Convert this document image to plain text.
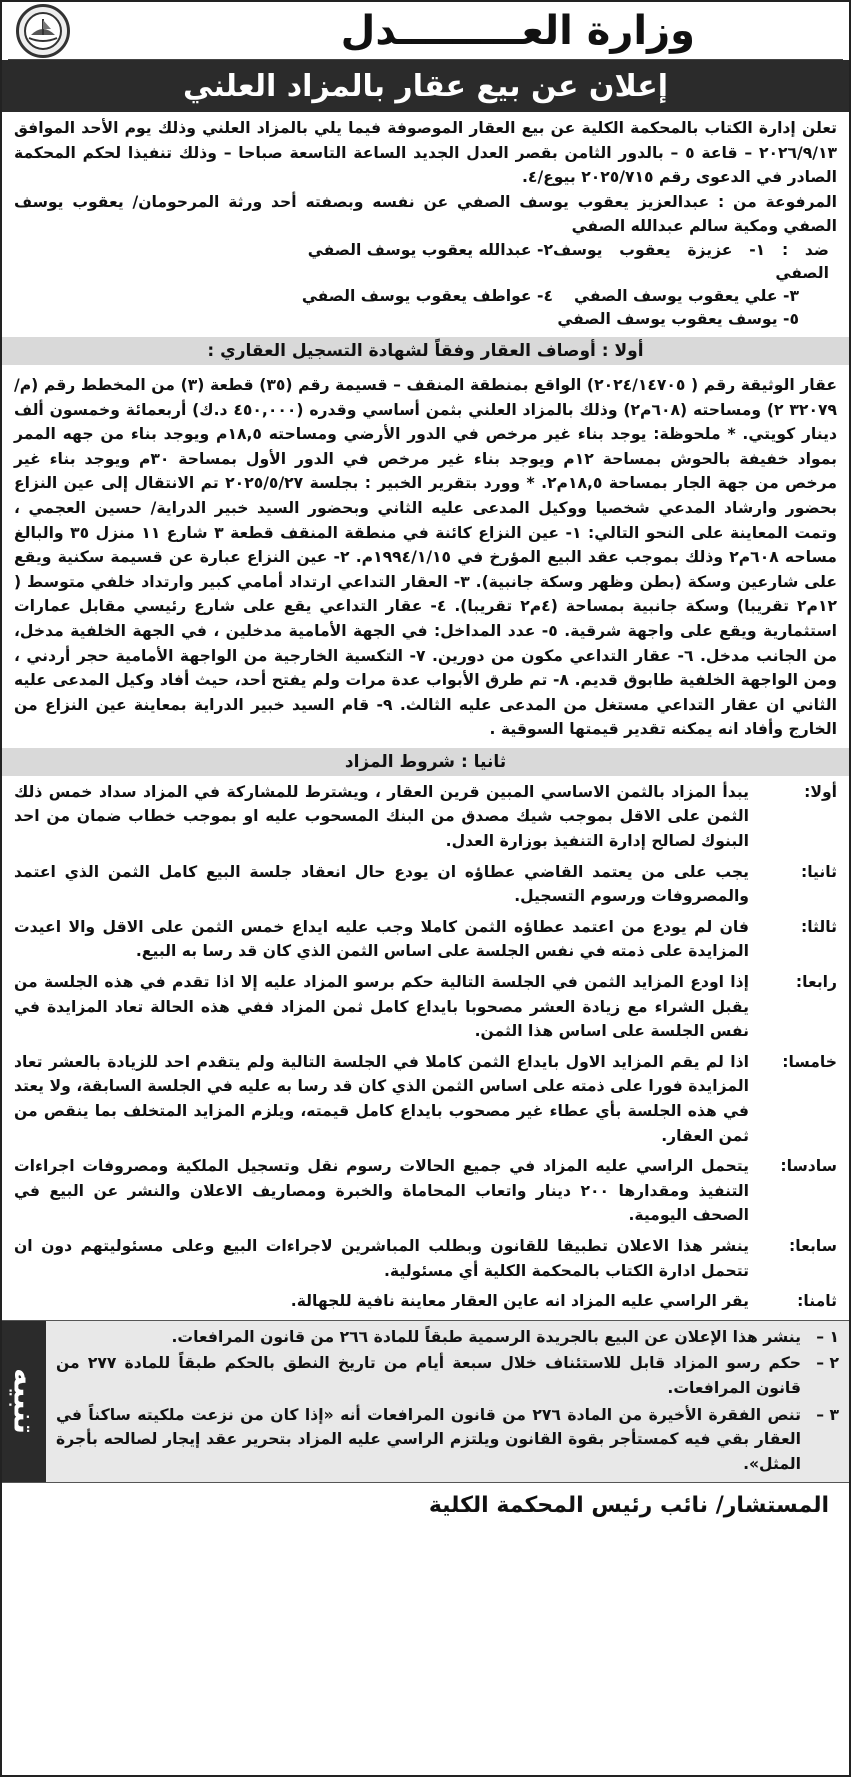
وزارة العـــــــــدل
إعلان عن بيع عقار بالمزاد العلني

تعلن إدارة الكتاب بالمحكمة الكلية عن بيع العقار الموصوفة فيما يلي بالمزاد العلني وذلك يوم الأحد الموافق ٢٠٢٦/٩/١٣ – قاعة ٥ – بالدور الثامن بقصر العدل الجديد الساعة التاسعة صباحا – وذلك تنفيذا لحكم المحكمة الصادر في الدعوى رقم ٢٠٢٥/٧١٥ بيوع/٤.

المرفوعة من : عبدالعزيز يعقوب يوسف الصفي عن نفسه وبصفته أحد ورثة المرحومان/ يعقوب يوسف الصفي ومكية سالم عبدالله الصفي

ضد : ١- عزيزة يعقوب يوسف الصفي
٢- عبدالله يعقوب يوسف الصفي
٣- علي يعقوب يوسف الصفي
٤- عواطف يعقوب يوسف الصفي
٥- يوسف يعقوب يوسف الصفي
أولا : أوصاف العقار وفقاً لشهادة التسجيل العقاري :

عقار الوثيقة رقم ( ٢٠٢٤/١٤٧٠٥) الواقع بمنطقة المنقف – قسيمة رقم (٣٥) قطعة (٣) من المخطط رقم (م/ ٣٢٠٧٩ ٢) ومساحته (٦٠٨م٢) وذلك بالمزاد العلني بثمن أساسي وقدره (٤٥٠,٠٠٠ د.ك) أربعمائة وخمسون ألف دينار كويتي. * ملحوظة: يوجد بناء غير مرخص في الدور الأرضي ومساحته ١٨,٥م ويوجد بناء من جهه الممر بمواد خفيفة بالحوش بمساحة ١٢م ويوجد بناء غير مرخص في الدور الأول بمساحة ٣٠م ويوجد بناء غير مرخص من جهة الجار بمساحة ١٨,٥م٢. * وورد بتقرير الخبير : بجلسة ٢٠٢٥/٥/٢٧ تم الانتقال إلى عين النزاع بحضور وارشاد المدعي شخصيا ووكيل المدعى عليه الثاني وبحضور السيد خبير الدراية/ حسين العجمي ، وتمت المعاينة على النحو التالي: ١- عين النزاع كائنة في منطقة المنقف قطعة ٣ شارع ١١ منزل ٣٥ والبالغ مساحه ٦٠٨م٢ وذلك بموجب عقد البيع المؤرخ في ١٩٩٤/١/١٥م. ٢- عين النزاع عبارة عن قسيمة سكنية ويقع على شارعين وسكة (بطن وظهر وسكة جانبية). ٣- العقار التداعي ارتداد أمامي كبير وارتداد خلفي متوسط ( ١٢م٢ تقريبا) وسكة جانبية بمساحة (٤م٢ تقريبا). ٤- عقار التداعي يقع على شارع رئيسي مقابل عمارات استثمارية ويقع على واجهة شرقية. ٥- عدد المداخل: في الجهة الأمامية مدخلين ، في الجهة الخلفية مدخل، من الجانب مدخل. ٦- عقار التداعي مكون من دورين. ٧- التكسية الخارجية من الواجهة الأمامية حجر أردني ، ومن الواجهة الخلفية طابوق قديم. ٨- تم طرق الأبواب عدة مرات ولم يفتح أحد، حيث أفاد وكيل المدعى عليه الثاني ان عقار التداعي مستغل من المدعى عليه الثالث. ٩- قام السيد خبير الدراية بمعاينة عين النزاع من الخارج وأفاد انه يمكنه تقدير قيمتها السوقية .

ثانيا : شروط المزاد
أولا:
يبدأ المزاد بالثمن الاساسي المبين قرين العقار ، ويشترط للمشاركة في المزاد سداد خمس ذلك الثمن على الاقل بموجب شيك مصدق من البنك المسحوب عليه او بموجب خطاب ضمان من احد البنوك لصالح إدارة التنفيذ بوزارة العدل.
ثانيا:
يجب على من يعتمد القاضي عطاؤه ان يودع حال انعقاد جلسة البيع كامل الثمن الذي اعتمد والمصروفات ورسوم التسجيل.
ثالثا:
فان لم يودع من اعتمد عطاؤه الثمن كاملا وجب عليه ايداع خمس الثمن على الاقل والا اعيدت المزايدة على ذمته في نفس الجلسة على اساس الثمن الذي كان قد رسا به البيع.
رابعا:
إذا اودع المزايد الثمن في الجلسة التالية حكم برسو المزاد عليه إلا اذا تقدم في هذه الجلسة من يقبل الشراء مع زيادة العشر مصحوبا بايداع كامل ثمن المزاد ففي هذه الحالة تعاد المزايدة في نفس الجلسة على اساس هذا الثمن.
خامسا:
اذا لم يقم المزايد الاول بايداع الثمن كاملا في الجلسة التالية ولم يتقدم احد للزيادة بالعشر تعاد المزايدة فورا على ذمته على اساس الثمن الذي كان قد رسا به عليه في الجلسة السابقة، ولا يعتد في هذه الجلسة بأي عطاء غير مصحوب بايداع كامل قيمته، ويلزم المزايد المتخلف بما ينقص من ثمن العقار.
سادسا:
يتحمل الراسي عليه المزاد في جميع الحالات رسوم نقل وتسجيل الملكية ومصروفات اجراءات التنفيذ ومقدارها ٢٠٠ دينار واتعاب المحاماة والخبرة ومصاريف الاعلان والنشر عن البيع في الصحف اليومية.
سابعا:
ينشر هذا الاعلان تطبيقا للقانون وبطلب المباشرين لاجراءات البيع وعلى مسئوليتهم دون ان تتحمل ادارة الكتاب بالمحكمة الكلية أي مسئولية.
ثامنا:
يقر الراسي عليه المزاد انه عاين العقار معاينة نافية للجهالة.
١ –
ينشر هذا الإعلان عن البيع بالجريدة الرسمية طبقاً للمادة ٢٦٦ من قانون المرافعات.
٢ –
حكم رسو المزاد قابل للاستئناف خلال سبعة أيام من تاريخ النطق بالحكم طبقاً للمادة ٢٧٧ من قانون المرافعات.
٣ –
تنص الفقرة الأخيرة من المادة ٢٧٦ من قانون المرافعات أنه «إذا كان من نزعت ملكيته ساكناً في العقار بقي فيه كمستأجر بقوة القانون ويلتزم الراسي عليه المزاد بتحرير عقد إيجار لصالحه بأجرة المثل».
تنبيه
المستشار/ نائب رئيس المحكمة الكلية
